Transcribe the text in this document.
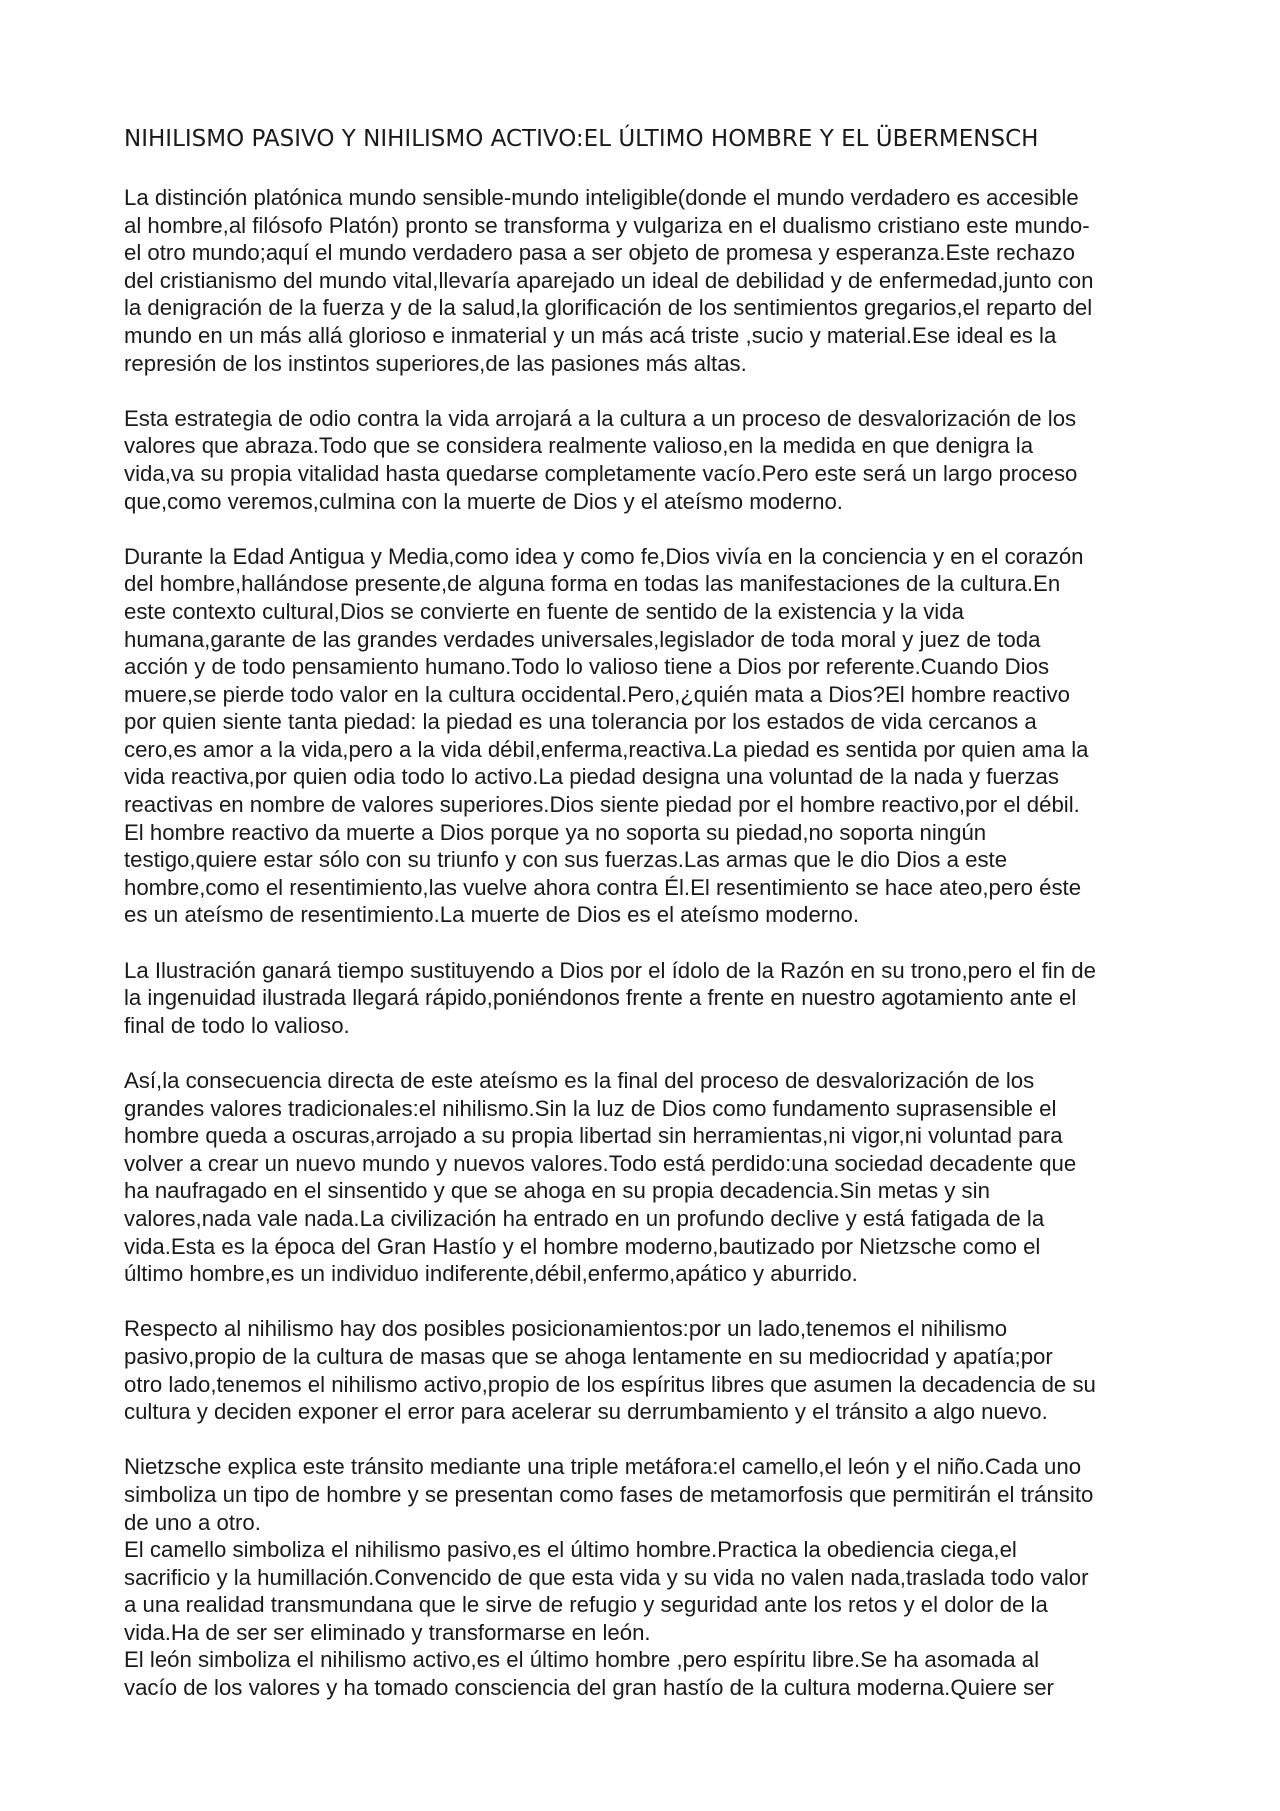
NIHILISMO PASIVO Y NIHILISMO ACTIVO:EL ÚLTIMO HOMBRE Y EL ÜBERMENSCH

La distinción platónica mundo sensible-mundo inteligible(donde el mundo verdadero es accesible
al hombre,al filósofo Platón) pronto se transforma y vulgariza en el dualismo cristiano este mundo-
el otro mundo;aquí el mundo verdadero pasa a ser objeto de promesa y esperanza.Este rechazo
del cristianismo del mundo vital,llevaría aparejado un ideal de debilidad y de enfermedad,junto con
la denigración de la fuerza y de la salud,la glorificación de los sentimientos gregarios,el reparto del
mundo en un más allá glorioso e inmaterial y un más acá triste ,sucio y material.Ese ideal es la
represión de los instintos superiores,de las pasiones más altas.

Esta estrategia de odio contra la vida arrojará a la cultura a un proceso de desvalorización de los
valores que abraza.Todo que se considera realmente valioso,en la medida en que denigra la
vida,va su propia vitalidad hasta quedarse completamente vacío.Pero este será un largo proceso
que,como veremos,culmina con la muerte de Dios y el ateísmo moderno.

Durante la Edad Antigua y Media,como idea y como fe,Dios vivía en la conciencia y en el corazón
del hombre,hallándose presente,de alguna forma en todas las manifestaciones de la cultura.En
este contexto cultural,Dios se convierte en fuente de sentido de la existencia y la vida
humana,garante de las grandes verdades universales,legislador de toda moral y juez de toda
acción y de todo pensamiento humano.Todo lo valioso tiene a Dios por referente.Cuando Dios
muere,se pierde todo valor en la cultura occidental.Pero,¿quién mata a Dios?El hombre reactivo
por quien siente tanta piedad: la piedad es una tolerancia por los estados de vida cercanos a
cero,es amor a la vida,pero a la vida débil,enferma,reactiva.La piedad es sentida por quien ama la
vida reactiva,por quien odia todo lo activo.La piedad designa una voluntad de la nada y fuerzas
reactivas en nombre de valores superiores.Dios siente piedad por el hombre reactivo,por el débil.
El hombre reactivo da muerte a Dios porque ya no soporta su piedad,no soporta ningún
testigo,quiere estar sólo con su triunfo y con sus fuerzas.Las armas que le dio Dios a este
hombre,como el resentimiento,las vuelve ahora contra Él.El resentimiento se hace ateo,pero éste
es un ateísmo de resentimiento.La muerte de Dios es el ateísmo moderno.

La Ilustración ganará tiempo sustituyendo a Dios por el ídolo de la Razón en su trono,pero el fin de
la ingenuidad ilustrada llegará rápido,poniéndonos frente a frente en nuestro agotamiento ante el
final de todo lo valioso.

Así,la consecuencia directa de este ateísmo es la final del proceso de desvalorización de los
grandes valores tradicionales:el nihilismo.Sin la luz de Dios como fundamento suprasensible el
hombre queda a oscuras,arrojado a su propia libertad sin herramientas,ni vigor,ni voluntad para
volver a crear un nuevo mundo y nuevos valores.Todo está perdido:una sociedad decadente que
ha naufragado en el sinsentido y que se ahoga en su propia decadencia.Sin metas y sin
valores,nada vale nada.La civilización ha entrado en un profundo declive y está fatigada de la
vida.Esta es la época del Gran Hastío y el hombre moderno,bautizado por Nietzsche como el
último hombre,es un individuo indiferente,débil,enfermo,apático y aburrido.

Respecto al nihilismo hay dos posibles posicionamientos:por un lado,tenemos el nihilismo
pasivo,propio de la cultura de masas que se ahoga lentamente en su mediocridad y apatía;por
otro lado,tenemos el nihilismo activo,propio de los espíritus libres que asumen la decadencia de su
cultura y deciden exponer el error para acelerar su derrumbamiento y el tránsito a algo nuevo.

Nietzsche explica este tránsito mediante una triple metáfora:el camello,el león y el niño.Cada uno
simboliza un tipo de hombre y se presentan como fases de metamorfosis que permitirán el tránsito
de uno a otro.

El camello simboliza el nihilismo pasivo,es el último hombre.Practica la obediencia ciega,el
sacrificio y la humillación.Convencido de que esta vida y su vida no valen nada,traslada todo valor
a una realidad transmundana que le sirve de refugio y seguridad ante los retos y el dolor de la
vida.Ha de ser ser eliminado y transformarse en león.

El león simboliza el nihilismo activo,es el último hombre ,pero espíritu libre.Se ha asomada al
vacío de los valores y ha tomado consciencia del gran hastío de la cultura moderna.Quiere ser
